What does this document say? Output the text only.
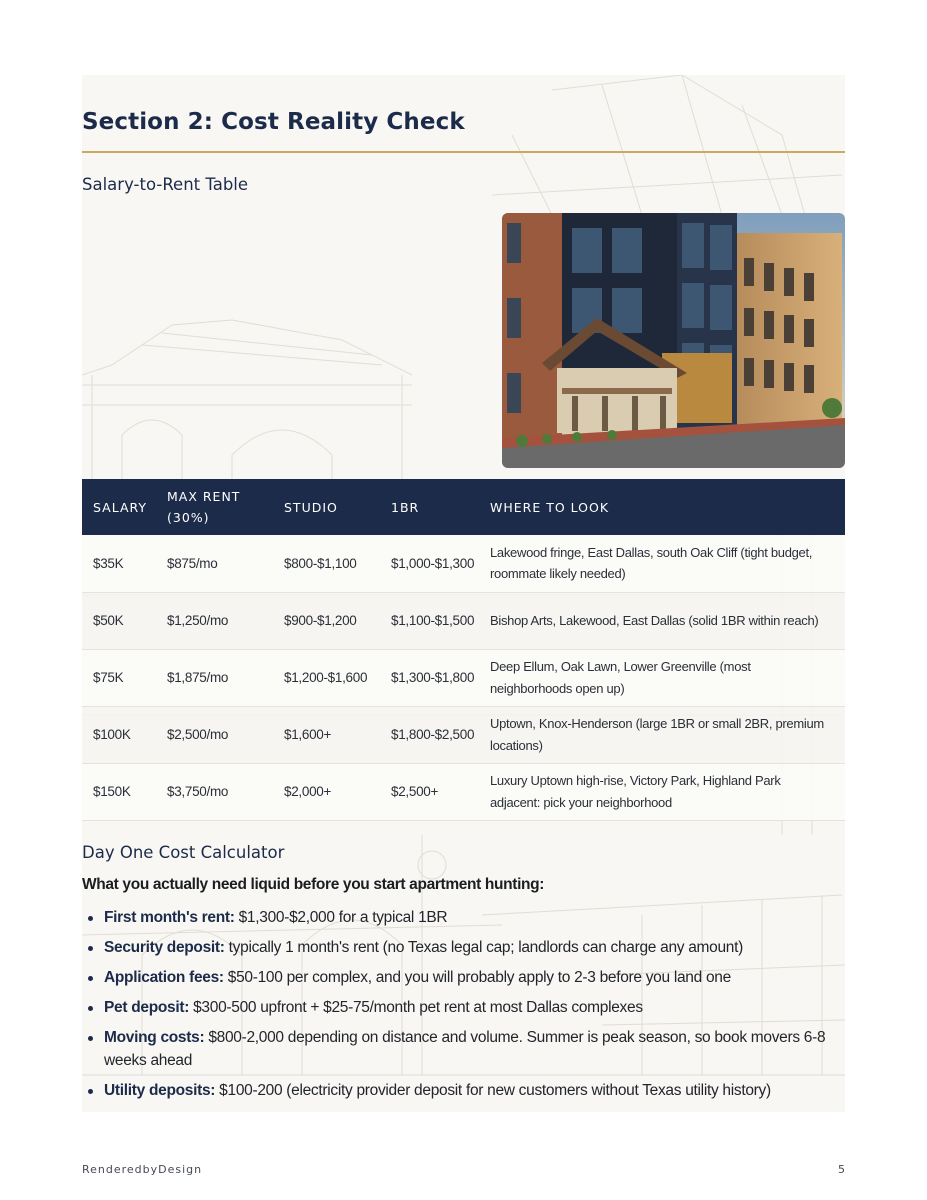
Section 2: Cost Reality Check
Salary-to-Rent Table
SALARY	MAX RENT (30%)	STUDIO	1BR	WHERE TO LOOK
$35K	$875/mo	$800-$1,100	$1,000-$1,300	Lakewood fringe, East Dallas, south Oak Cliff (tight budget, roommate likely needed)
$50K	$1,250/mo	$900-$1,200	$1,100-$1,500	Bishop Arts, Lakewood, East Dallas (solid 1BR within reach)
$75K	$1,875/mo	$1,200-$1,600	$1,300-$1,800	Deep Ellum, Oak Lawn, Lower Greenville (most neighborhoods open up)
$100K	$2,500/mo	$1,600+	$1,800-$2,500	Uptown, Knox-Henderson (large 1BR or small 2BR, premium locations)
$150K	$3,750/mo	$2,000+	$2,500+	Luxury Uptown high-rise, Victory Park, Highland Park adjacent: pick your neighborhood
Day One Cost Calculator

What you actually need liquid before you start apartment hunting:

First month's rent: $1,300-$2,000 for a typical 1BR
Security deposit: typically 1 month's rent (no Texas legal cap; landlords can charge any amount)
Application fees: $50-100 per complex, and you will probably apply to 2-3 before you land one
Pet deposit: $300-500 upfront + $25-75/month pet rent at most Dallas complexes
Moving costs: $800-2,000 depending on distance and volume. Summer is peak season, so book movers 6-8 weeks ahead
Utility deposits: $100-200 (electricity provider deposit for new customers without Texas utility history)
RenderedbyDesign	5
